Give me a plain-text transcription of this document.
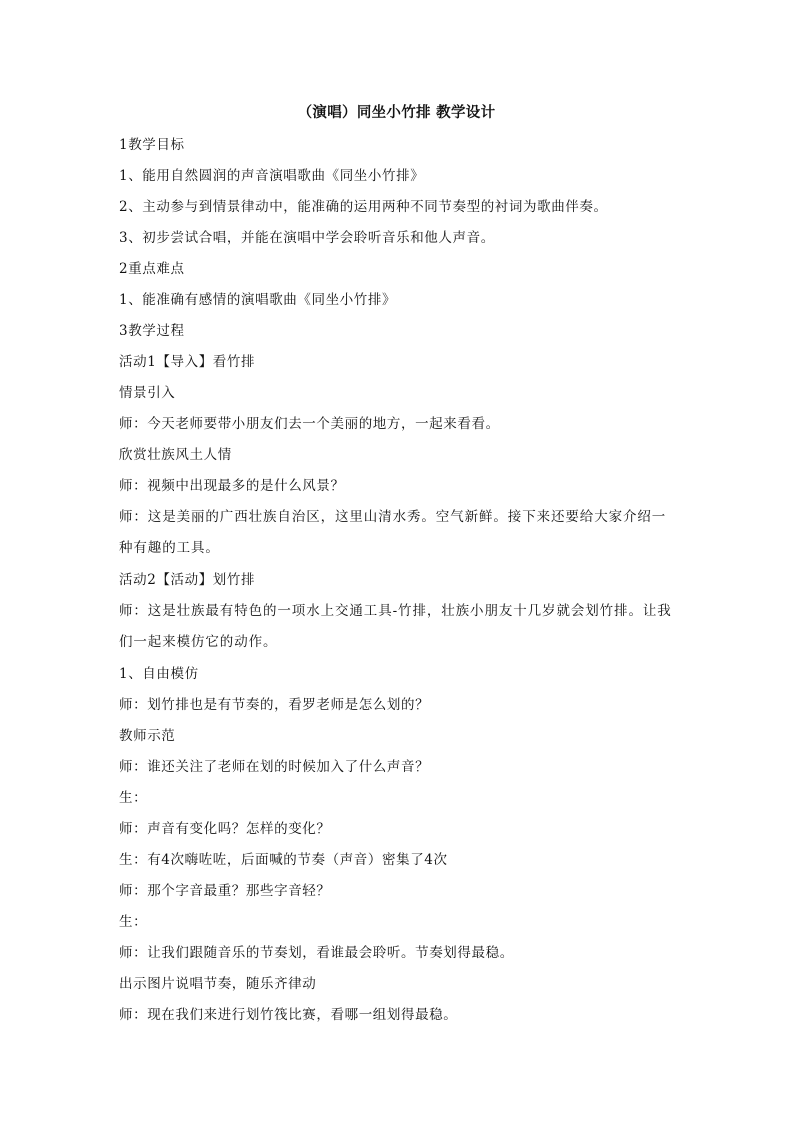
（演唱）同坐小竹排 教学设计

1教学目标

1、能用自然圆润的声音演唱歌曲《同坐小竹排》

2、主动参与到情景律动中，能准确的运用两种不同节奏型的衬词为歌曲伴奏。

3、初步尝试合唱，并能在演唱中学会聆听音乐和他人声音。

2重点难点

1、能准确有感情的演唱歌曲《同坐小竹排》

3教学过程

活动1【导入】看竹排

情景引入

师：今天老师要带小朋友们去一个美丽的地方，一起来看看。

欣赏壮族风土人情

师：视频中出现最多的是什么风景？

师：这是美丽的广西壮族自治区，这里山清水秀。空气新鲜。接下来还要给大家介绍一种有趣的工具。

活动2【活动】划竹排

师：这是壮族最有特色的一项水上交通工具-竹排，壮族小朋友十几岁就会划竹排。让我们一起来模仿它的动作。

1、自由模仿

师：划竹排也是有节奏的，看罗老师是怎么划的？

教师示范

师：谁还关注了老师在划的时候加入了什么声音？

生：

师：声音有变化吗？怎样的变化？

生：有4次嗨咗咗，后面喊的节奏（声音）密集了4次

师：那个字音最重？那些字音轻？

生：

师：让我们跟随音乐的节奏划，看谁最会聆听。节奏划得最稳。

出示图片说唱节奏，随乐齐律动

师：现在我们来进行划竹筏比赛，看哪一组划得最稳。
